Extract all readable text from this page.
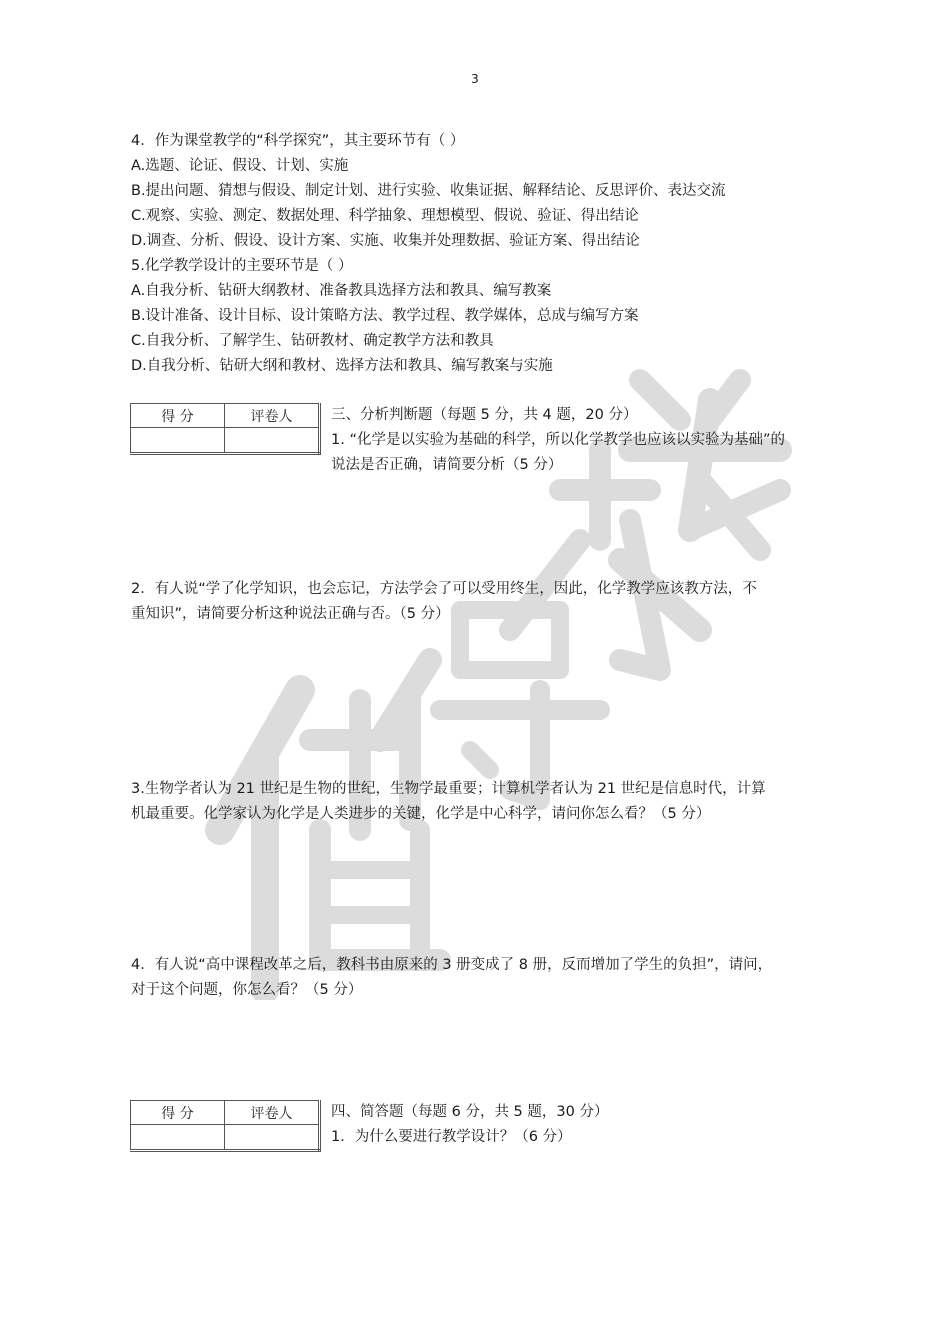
3
4．作为课堂教学的“科学探究”，其主要环节有（ ）
A.选题、论证、假设、计划、实施
B.提出问题、猜想与假设、制定计划、进行实验、收集证据、解释结论、反思评价、表达交流
C.观察、实验、测定、数据处理、科学抽象、理想模型、假说、验证、得出结论
D.调查、分析、假设、设计方案、实施、收集并处理数据、验证方案、得出结论
5.化学教学设计的主要环节是（ ）
A.自我分析、钻研大纲教材、准备教具选择方法和教具、编写教案
B.设计准备、设计目标、设计策略方法、教学过程、教学媒体，总成与编写方案
C.自我分析、了解学生、钻研教材、确定教学方法和教具
D.自我分析、钻研大纲和教材、选择方法和教具、编写教案与实施
得 分	评卷人
		三、分析判断题（每题 5 分，共 4 题，20 分）
1. “化学是以实验为基础的科学，所以化学教学也应该以实验为基础”的
说法是否正确，请简要分析（5 分）
2．有人说“学了化学知识，也会忘记，方法学会了可以受用终生，因此，化学教学应该教方法，不
重知识”，请简要分析这种说法正确与否。（5 分）
3.生物学者认为 21 世纪是生物的世纪，生物学最重要；计算机学者认为 21 世纪是信息时代，计算
机最重要。化学家认为化学是人类进步的关键，化学是中心科学，请问你怎么看？（5 分）
4．有人说“高中课程改革之后，教科书由原来的 3 册变成了 8 册，反而增加了学生的负担”，请问，
对于这个问题，你怎么看？（5 分）
得 分	评卷人
		四、简答题（每题 6 分，共 5 题，30 分）
1．为什么要进行教学设计？（6 分）
